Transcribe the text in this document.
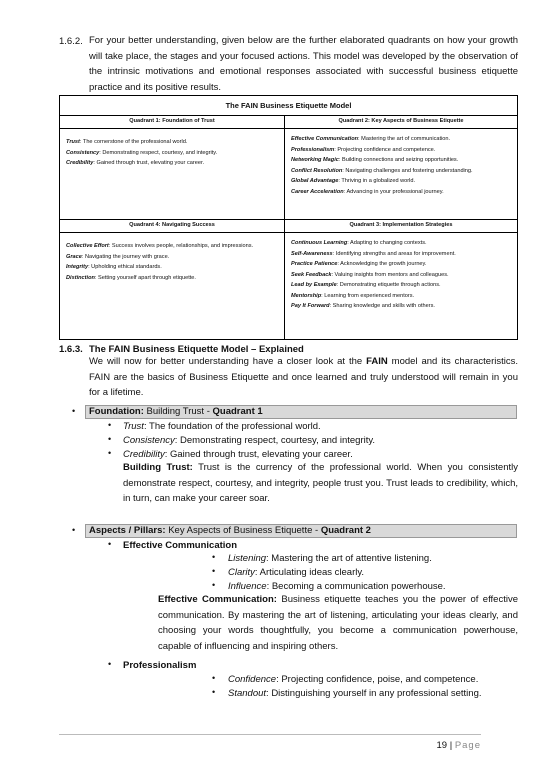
1.6.2. For your better understanding, given below are the further elaborated quadrants on how your growth will take place, the stages and your focused actions. This model was developed by the observation of the intrinsic motivations and emotional responses associated with successful business etiquette practice and its positive results.
The FAIN Business Etiquette Model
Quadrant 1: Foundation of Trust
Trust: The cornerstone of the professional world.
Consistency: Demonstrating respect, courtesy, and integrity.
Credibility: Gained through trust, elevating your career.
Quadrant 2: Key Aspects of Business Etiquette
Effective Communication: Mastering the art of communication.
Professionalism: Projecting confidence and competence.
Networking Magic: Building connections and seizing opportunities.
Conflict Resolution: Navigating challenges and fostering understanding.
Global Advantage: Thriving in a globalized world.
Career Acceleration: Advancing in your professional journey.
Quadrant 4: Navigating Success
Collective Effort: Success involves people, relationships, and impressions.
Grace: Navigating the journey with grace.
Integrity: Upholding ethical standards.
Distinction: Setting yourself apart through etiquette.
Quadrant 3: Implementation Strategies
Continuous Learning: Adapting to changing contexts.
Self-Awareness: Identifying strengths and areas for improvement.
Practice Patience: Acknowledging the growth journey.
Seek Feedback: Valuing insights from mentors and colleagues.
Lead by Example: Demonstrating etiquette through actions.
Mentorship: Learning from experienced mentors.
Pay It Forward: Sharing knowledge and skills with others.
1.6.3. The FAIN Business Etiquette Model – Explained
We will now for better understanding have a closer look at the FAIN model and its characteristics. FAIN are the basics of Business Etiquette and once learned and truly understood will remain in you for a lifetime.
•	Foundation: Building Trust - Quadrant 1
• Trust: The foundation of the professional world.
• Consistency: Demonstrating respect, courtesy, and integrity.
• Credibility: Gained through trust, elevating your career.
Building Trust: Trust is the currency of the professional world. When you consistently demonstrate respect, courtesy, and integrity, people trust you. Trust leads to credibility, which, in turn, can make your career soar.
•	Aspects / Pillars: Key Aspects of Business Etiquette - Quadrant 2
• Effective Communication
• Listening: Mastering the art of attentive listening.
• Clarity: Articulating ideas clearly.
• Influence: Becoming a communication powerhouse.
Effective Communication: Business etiquette teaches you the power of effective communication. By mastering the art of listening, articulating your ideas clearly, and choosing your words thoughtfully, you become a communication powerhouse, capable of influencing and inspiring others.
• Professionalism
• Confidence: Projecting confidence, poise, and competence.
• Standout: Distinguishing yourself in any professional setting.
19 | Page
